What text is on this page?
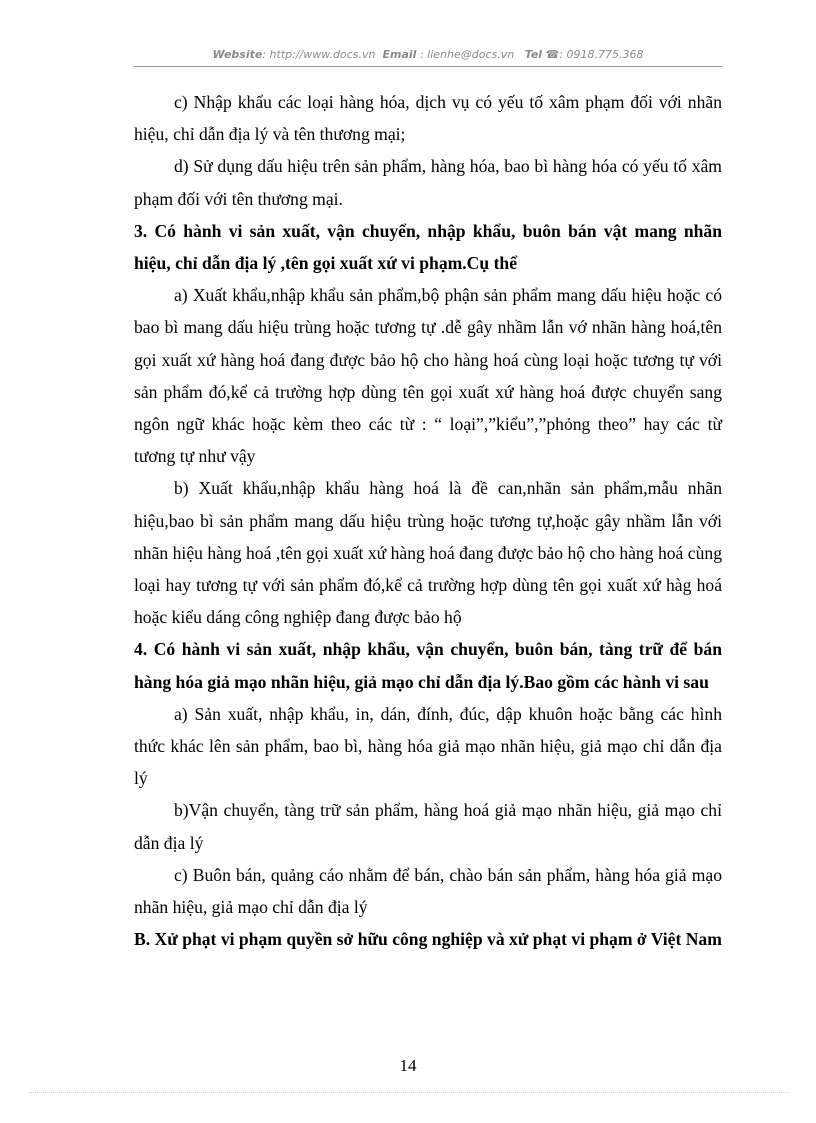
Website: http://www.docs.vn Email : lienhe@docs.vn Tel ☎: 0918.775.368

c) Nhập khẩu các loại hàng hóa, dịch vụ có yếu tố xâm phạm đối với nhãn hiệu, chỉ dẫn địa lý và tên thương mại;

d) Sử dụng dấu hiệu trên sản phẩm, hàng hóa, bao bì hàng hóa có yếu tố xâm phạm đối với tên thương mại.

3. Có hành vi sản xuất, vận chuyển, nhập khẩu, buôn bán vật mang nhãn hiệu, chỉ dẫn địa lý ,tên gọi xuất xứ vi phạm.Cụ thể

a) Xuất khẩu,nhập khẩu sản phẩm,bộ phận sản phẩm mang dấu hiệu hoặc có bao bì mang dấu hiệu trùng hoặc tương tự .dễ gây nhầm lẫn vớ nhãn hàng hoá,tên gọi xuất xứ hàng hoá đang được bảo hộ cho hàng hoá cùng loại hoặc tương tự với sản phẩm đó,kể cả trường hợp dùng tên gọi xuất xứ hàng hoá được chuyển sang ngôn ngữ khác hoặc kèm theo các từ : “ loại”,”kiểu”,”phỏng theo” hay các từ tương tự như vậy

b) Xuất khẩu,nhập khẩu hàng hoá là đề can,nhãn sản phẩm,mẫu nhãn hiệu,bao bì sản phẩm mang dấu hiệu trùng hoặc tương tự,hoặc gây nhầm lẫn với nhãn hiệu hàng hoá ,tên gọi xuất xứ hàng hoá đang được bảo hộ cho hàng hoá cùng loại hay tương tự với sản phẩm đó,kể cả trường hợp dùng tên gọi xuất xứ hàg hoá hoặc kiểu dáng công nghiệp đang được bảo hộ

4. Có hành vi sản xuất, nhập khẩu, vận chuyển, buôn bán, tàng trữ để bán hàng hóa giả mạo nhãn hiệu, giả mạo chỉ dẫn địa lý.Bao gồm các hành vi sau

a) Sản xuất, nhập khẩu, in, dán, đính, đúc, dập khuôn hoặc bằng các hình thức khác lên sản phẩm, bao bì, hàng hóa giả mạo nhãn hiệu, giả mạo chỉ dẫn địa lý

b)Vận chuyển, tàng trữ sản phẩm, hàng hoá giả mạo nhãn hiệu, giả mạo chỉ dẫn địa lý

c) Buôn bán, quảng cáo nhằm để bán, chào bán sản phẩm, hàng hóa giả mạo nhãn hiệu, giả mạo chỉ dẫn địa lý

B. Xử phạt vi phạm quyền sở hữu công nghiệp và xử phạt vi phạm ở Việt Nam

14
